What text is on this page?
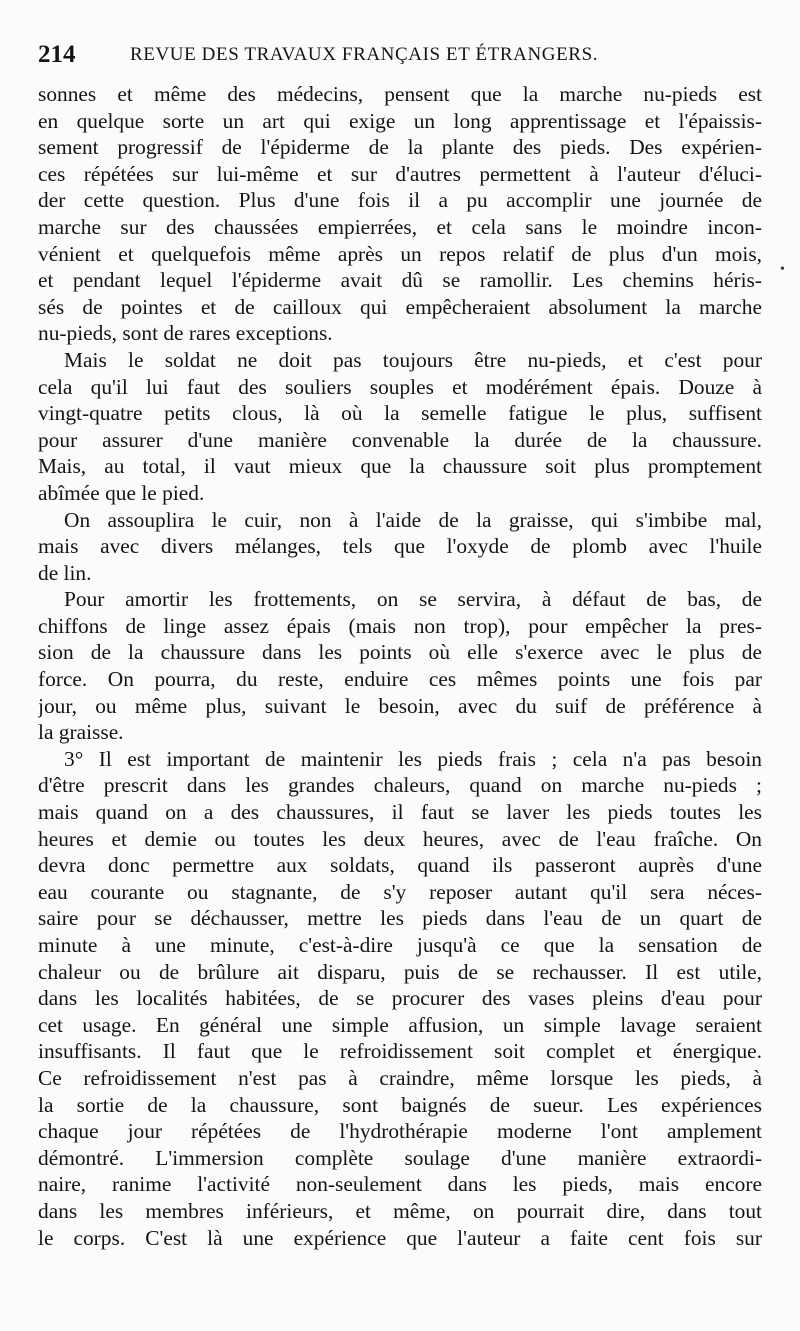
214	REVUE DES TRAVAUX FRANÇAIS ET ÉTRANGERS.
•
sonnes et même des médecins, pensent que la marche nu-pieds est
en quelque sorte un art qui exige un long apprentissage et l'épaissis-
sement progressif de l'épiderme de la plante des pieds. Des expérien-
ces répétées sur lui-même et sur d'autres permettent à l'auteur d'éluci-
der cette question. Plus d'une fois il a pu accomplir une journée de
marche sur des chaussées empierrées, et cela sans le moindre incon-
vénient et quelquefois même après un repos relatif de plus d'un mois,
et pendant lequel l'épiderme avait dû se ramollir. Les chemins héris-
sés de pointes et de cailloux qui empêcheraient absolument la marche
nu-pieds, sont de rares exceptions.
Mais le soldat ne doit pas toujours être nu-pieds, et c'est pour
cela qu'il lui faut des souliers souples et modérément épais. Douze à
vingt-quatre petits clous, là où la semelle fatigue le plus, suffisent
pour assurer d'une manière convenable la durée de la chaussure.
Mais, au total, il vaut mieux que la chaussure soit plus promptement
abîmée que le pied.
On assouplira le cuir, non à l'aide de la graisse, qui s'imbibe mal,
mais avec divers mélanges, tels que l'oxyde de plomb avec l'huile
de lin.
Pour amortir les frottements, on se servira, à défaut de bas, de
chiffons de linge assez épais (mais non trop), pour empêcher la pres-
sion de la chaussure dans les points où elle s'exerce avec le plus de
force. On pourra, du reste, enduire ces mêmes points une fois par
jour, ou même plus, suivant le besoin, avec du suif de préférence à
la graisse.
3° Il est important de maintenir les pieds frais ; cela n'a pas besoin
d'être prescrit dans les grandes chaleurs, quand on marche nu-pieds ;
mais quand on a des chaussures, il faut se laver les pieds toutes les
heures et demie ou toutes les deux heures, avec de l'eau fraîche. On
devra donc permettre aux soldats, quand ils passeront auprès d'une
eau courante ou stagnante, de s'y reposer autant qu'il sera néces-
saire pour se déchausser, mettre les pieds dans l'eau de un quart de
minute à une minute, c'est-à-dire jusqu'à ce que la sensation de
chaleur ou de brûlure ait disparu, puis de se rechausser. Il est utile,
dans les localités habitées, de se procurer des vases pleins d'eau pour
cet usage. En général une simple affusion, un simple lavage seraient
insuffisants. Il faut que le refroidissement soit complet et énergique.
Ce refroidissement n'est pas à craindre, même lorsque les pieds, à
la sortie de la chaussure, sont baignés de sueur. Les expériences
chaque jour répétées de l'hydrothérapie moderne l'ont amplement
démontré. L'immersion complète soulage d'une manière extraordi-
naire, ranime l'activité non-seulement dans les pieds, mais encore
dans les membres inférieurs, et même, on pourrait dire, dans tout
le corps. C'est là une expérience que l'auteur a faite cent fois sur
